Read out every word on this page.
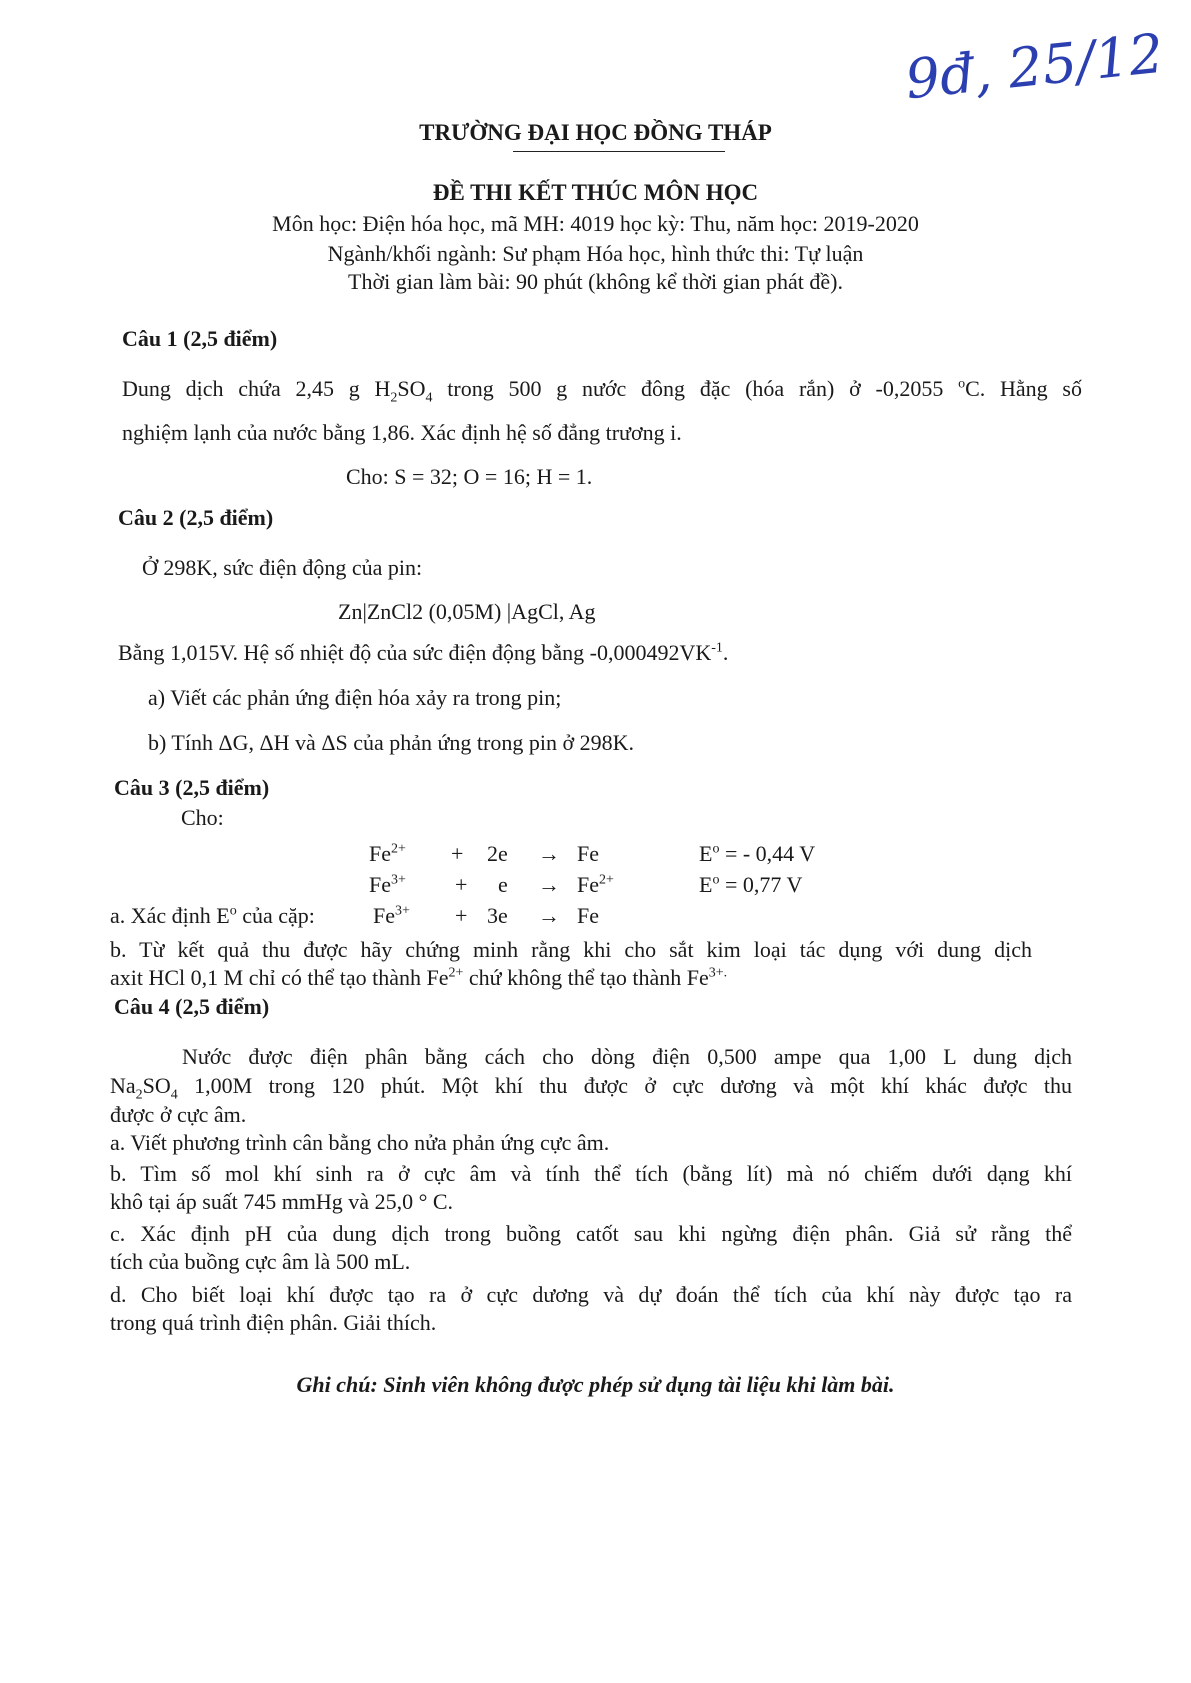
9đ, 25/12
TRƯỜNG ĐẠI HỌC ĐỒNG THÁP
ĐỀ THI KẾT THÚC MÔN HỌC
Môn học: Điện hóa học, mã MH: 4019 học kỳ: Thu, năm học: 2019-2020
Ngành/khối ngành: Sư phạm Hóa học, hình thức thi: Tự luận
Thời gian làm bài: 90 phút (không kể thời gian phát đề).
Câu 1 (2,5 điểm)
Dung dịch chứa 2,45 g $H_2SO_4$ trong 500 g nước đông đặc (hóa rắn) ở -0,2055 $^o$C. Hằng số
nghiệm lạnh của nước bằng 1,86. Xác định hệ số đẳng trương i.
Cho: S = 32; O = 16; H = 1.
Câu 2 (2,5 điểm)
Ở 298K, sức điện động của pin:
Zn|ZnCl2 (0,05M) |AgCl, Ag
Bằng 1,015V. Hệ số nhiệt độ của sức điện động bằng $-0,000492VK^{-1}$.
a) Viết các phản ứng điện hóa xảy ra trong pin;
b) Tính ΔG, ΔH và ΔS của phản ứng trong pin ở 298K.
Câu 3 (2,5 điểm)
Cho:
$Fe^{2+} + 2e \to Fe$	$E^o$ = - 0,44 V
$Fe^{3+} + e \to Fe^{2+}$	$E^o = 0,77$ V
a. Xác định $E^o$ của cặp:	$Fe^{3+} + 3e \to Fe$
b. Từ kết quả thu được hãy chứng minh rằng khi cho sắt kim loại tác dụng với dung dịch
axit HCl 0,1 M chỉ có thể tạo thành $Fe^{2+}$ chứ không thể tạo thành $Fe^{3+.}$
Câu 4 (2,5 điểm)
Nước được điện phân bằng cách cho dòng điện 0,500 ampe qua 1,00 L dung dịch
$Na_2SO_4$ 1,00M trong 120 phút. Một khí thu được ở cực dương và một khí khác được thu
được ở cực âm.
a. Viết phương trình cân bằng cho nửa phản ứng cực âm.
b. Tìm số mol khí sinh ra ở cực âm và tính thể tích (bằng lít) mà nó chiếm dưới dạng khí
khô tại áp suất 745 mmHg và 25,0 ° C.
c. Xác định pH của dung dịch trong buồng catốt sau khi ngừng điện phân. Giả sử rằng thể
tích của buồng cực âm là 500 mL.
d. Cho biết loại khí được tạo ra ở cực dương và dự đoán thể tích của khí này được tạo ra
trong quá trình điện phân. Giải thích.
Ghi chú: Sinh viên không được phép sử dụng tài liệu khi làm bài.
